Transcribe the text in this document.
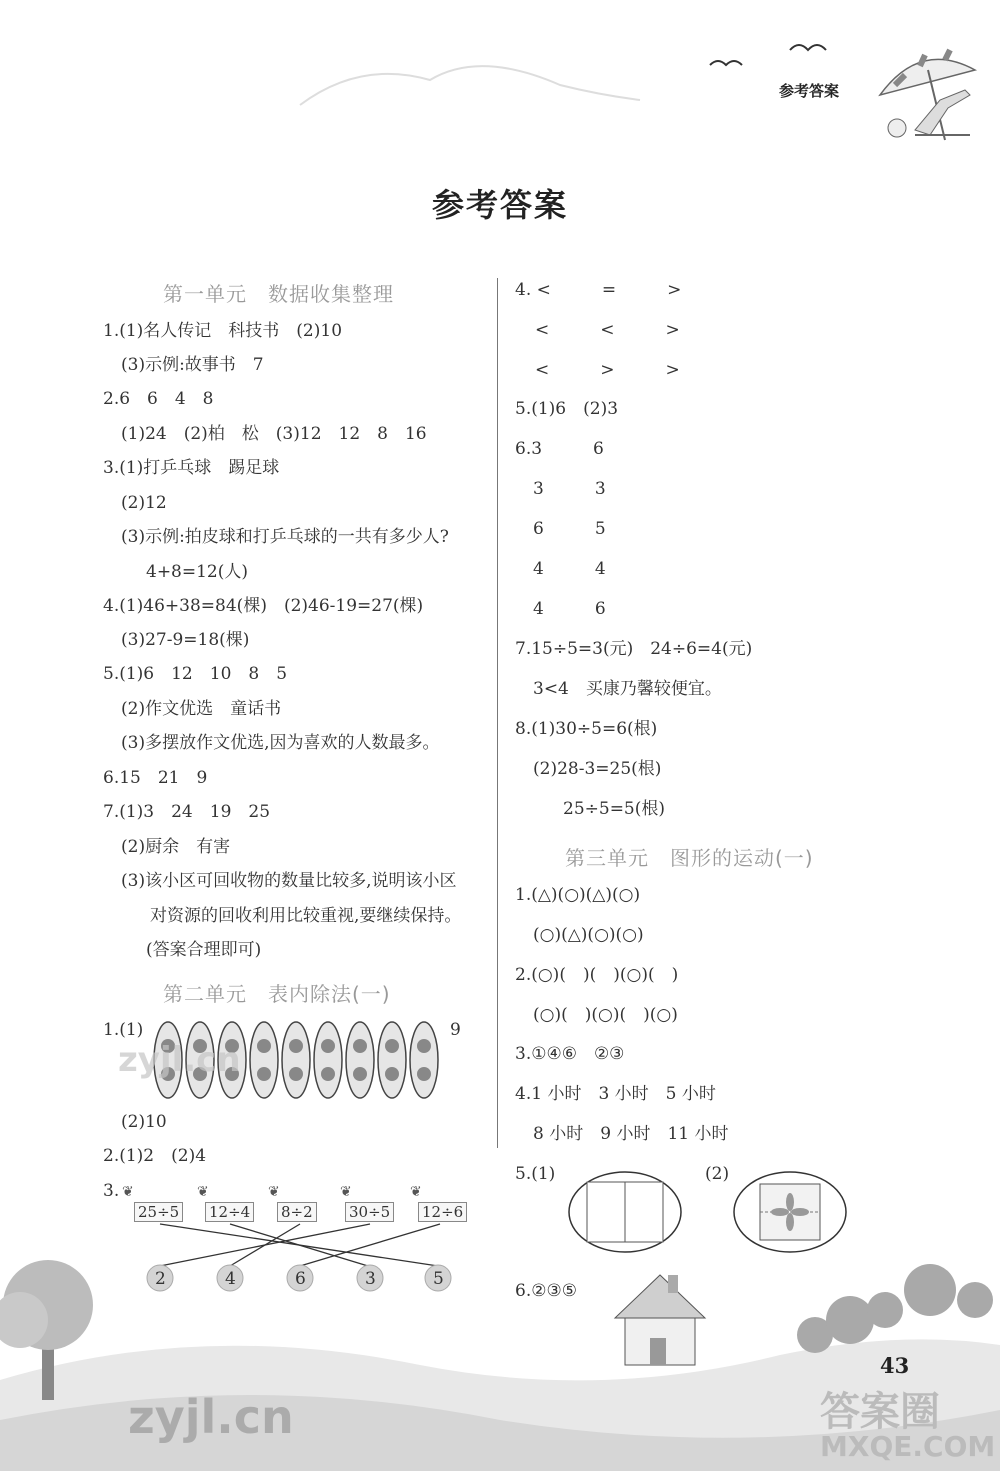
参考答案
参考答案
第一单元　数据收集整理
1.(1)名人传记　科技书　(2)10
(3)示例:故事书　7
2.6　6　4　8
(1)24　(2)柏　松　(3)12　12　8　16
3.(1)打乒乓球　踢足球
(2)12
(3)示例:拍皮球和打乒乓球的一共有多少人?
4+8=12(人)
4.(1)46+38=84(棵)　(2)46-19=27(棵)
(3)27-9=18(棵)
5.(1)6　12　10　8　5
(2)作文优选　童话书
(3)多摆放作文优选,因为喜欢的人数最多。
6.15　21　9
7.(1)3　24　19　25
(2)厨余　有害
(3)该小区可回收物的数量比较多,说明该小区
对资源的回收利用比较重视,要继续保持。
(答案合理即可)
第二单元　表内除法(一)
1.(1)	9
(2)10
2.(1)2　(2)4
3. ❦	❦	❦	❦	❦
25÷5 12÷4 8÷2 30÷5 12÷6
2	4	6	3	5
4. <　　　=　　　>
<　　　<　　　>
<　　　>　　　>
5.(1)6　(2)3
6.3　　　6
3　　　3
6　　　5
4　　　4
4　　　6
7.15÷5=3(元)　24÷6=4(元)
3<4　买康乃馨较便宜。
8.(1)30÷5=6(根)
(2)28-3=25(根)
25÷5=5(根)
第三单元　图形的运动(一)
1.(△)(○)(△)(○)
(○)(△)(○)(○)
2.(○)(　)(　)(○)(　)
(○)(　)(○)(　)(○)
3.①④⑥　②③
4.1 小时　3 小时　5 小时
8 小时　9 小时　11 小时
5.(1)	(2)
6.②③⑤
43
zyjl.cn
zyjl.cn	答案圈
MXQE.COM
